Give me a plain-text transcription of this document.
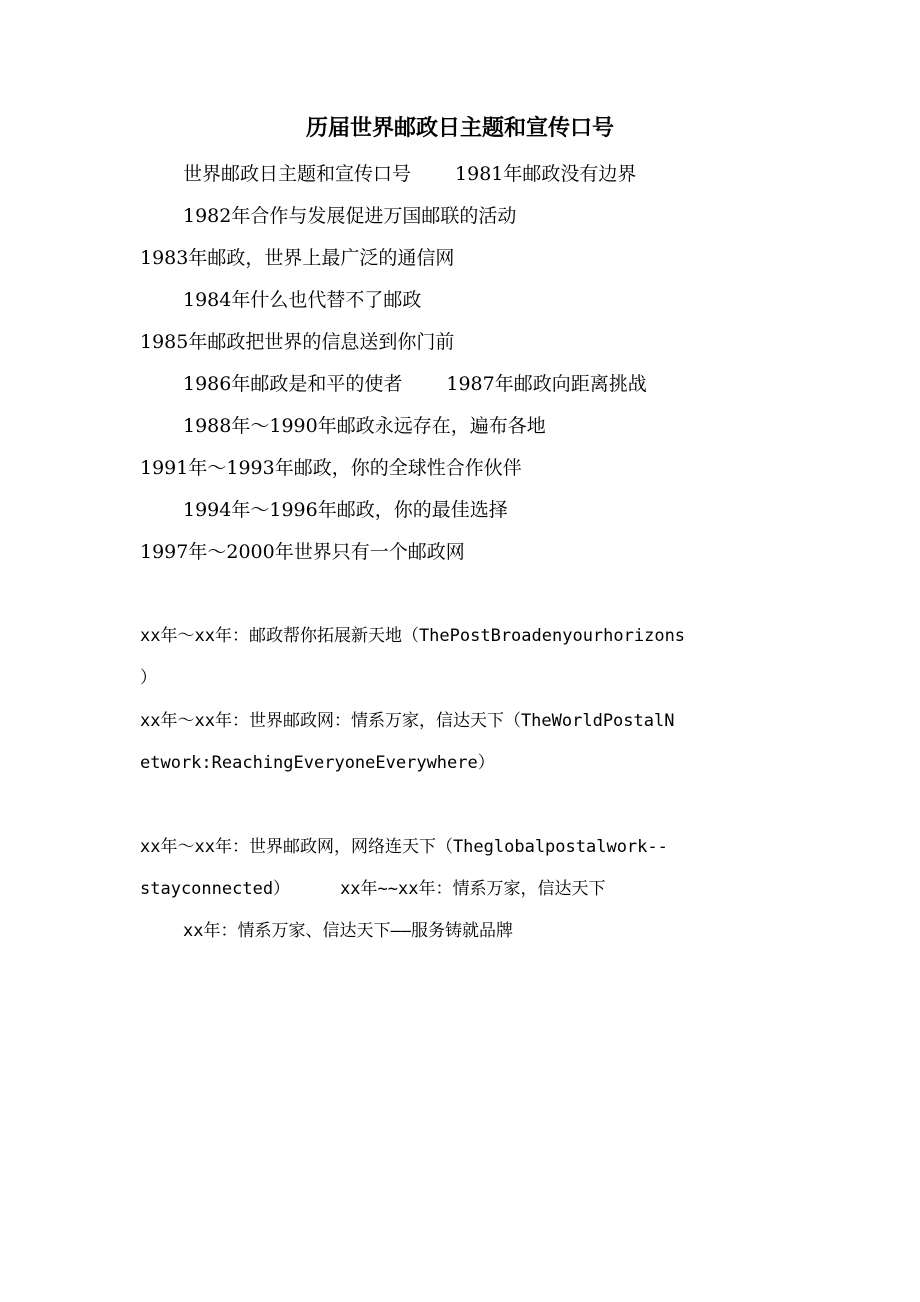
历届世界邮政日主题和宣传口号
世界邮政日主题和宣传口号 1981年邮政没有边界
1982年合作与发展促进万国邮联的活动
1983年邮政，世界上最广泛的通信网
1984年什么也代替不了邮政
1985年邮政把世界的信息送到你门前
1986年邮政是和平的使者 1987年邮政向距离挑战
1988年～1990年邮政永远存在，遍布各地
1991年～1993年邮政，你的全球性合作伙伴
1994年～1996年邮政，你的最佳选择
1997年～2000年世界只有一个邮政网
xx年～xx年：邮政帮你拓展新天地（ThePostBroadenyourhorizons
）
xx年～xx年：世界邮政网：情系万家，信达天下（TheWorldPostalN
etwork:ReachingEveryoneEverywhere）
xx年～xx年：世界邮政网，网络连天下（Theglobalpostalwork--
stayconnected）	xx年~~xx年：情系万家，信达天下
xx年：情系万家、信达天下——服务铸就品牌
